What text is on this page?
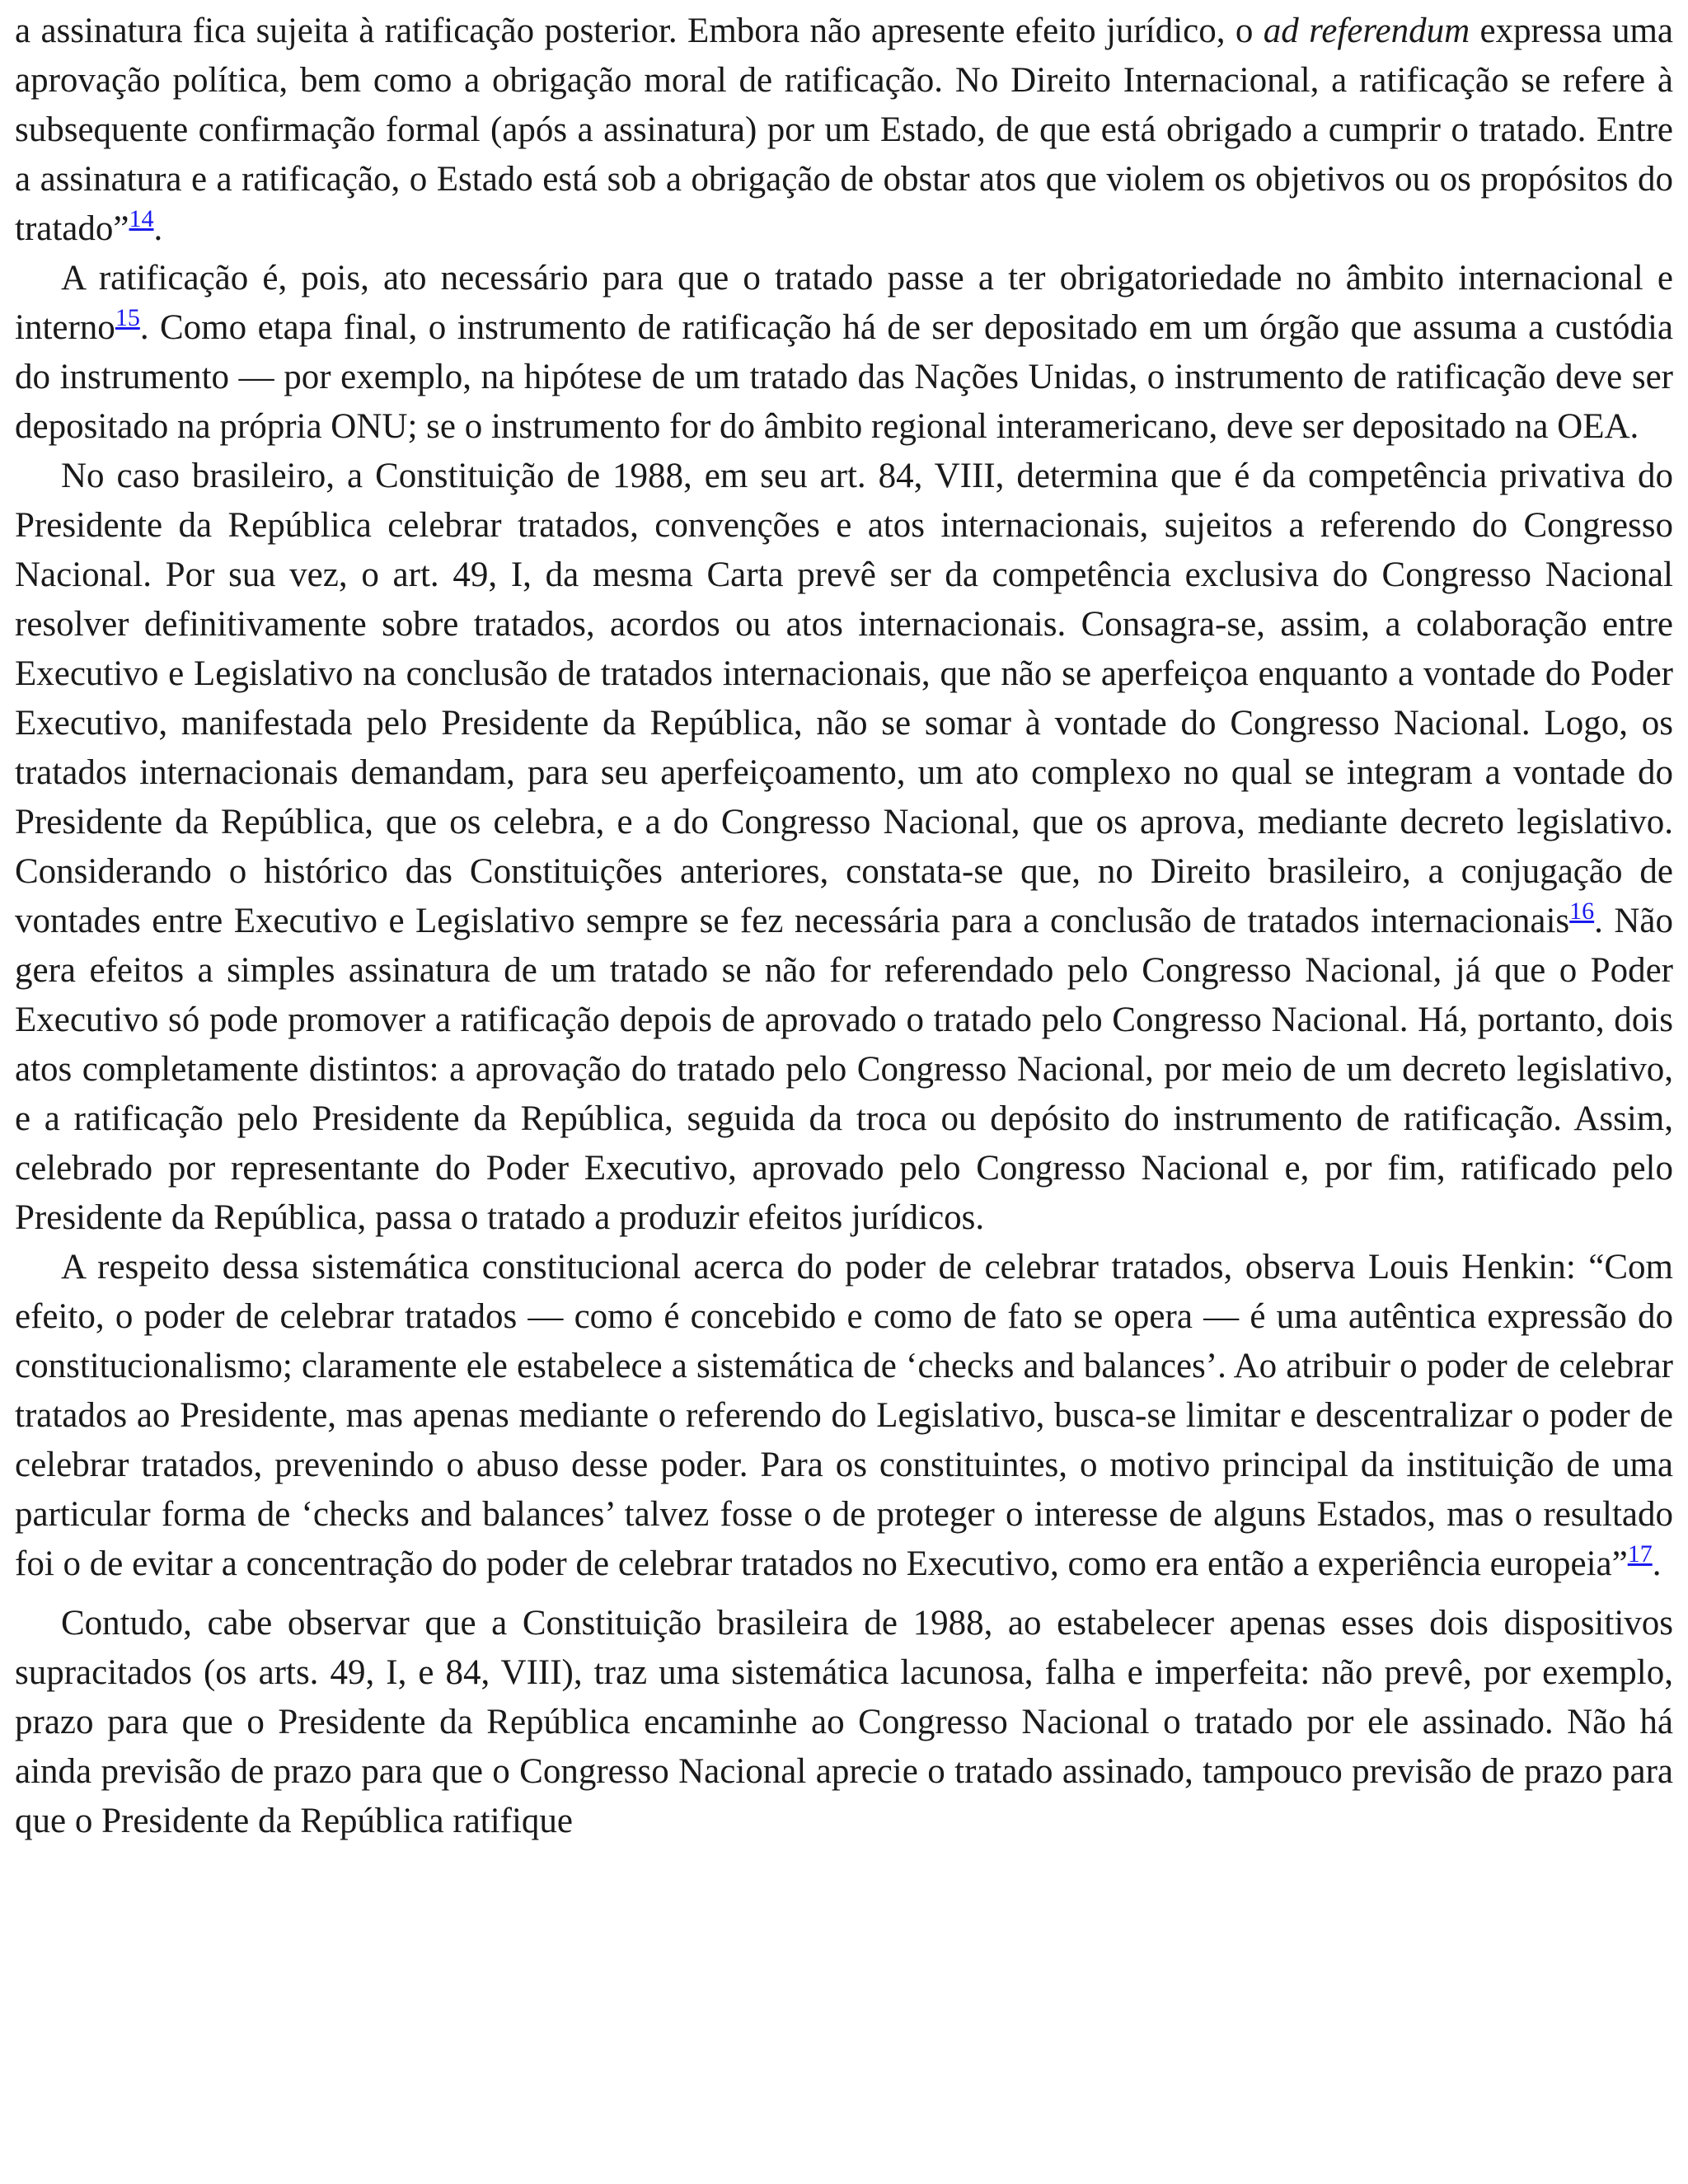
a assinatura fica sujeita à ratificação posterior. Embora não apresente efeito jurídico, o ad referendum expressa uma aprovação política, bem como a obrigação moral de ratificação. No Direito Internacional, a ratificação se refere à subsequente confirmação formal (após a assinatura) por um Estado, de que está obrigado a cumprir o tratado. Entre a assinatura e a ratificação, o Estado está sob a obrigação de obstar atos que violem os objetivos ou os propósitos do tratado”$^{14}$.

A ratificação é, pois, ato necessário para que o tratado passe a ter obrigatoriedade no âmbito internacional e interno$^{15}$. Como etapa final, o instrumento de ratificação há de ser depositado em um órgão que assuma a custódia do instrumento — por exemplo, na hipótese de um tratado das Nações Unidas, o instrumento de ratificação deve ser depositado na própria ONU; se o instrumento for do âmbito regional interamericano, deve ser depositado na OEA.

No caso brasileiro, a Constituição de 1988, em seu art. 84, VIII, determina que é da competência privativa do Presidente da República celebrar tratados, convenções e atos internacionais, sujeitos a referendo do Congresso Nacional. Por sua vez, o art. 49, I, da mesma Carta prevê ser da competência exclusiva do Congresso Nacional resolver definitivamente sobre tratados, acordos ou atos internacionais. Consagra-se, assim, a colaboração entre Executivo e Legislativo na conclusão de tratados internacionais, que não se aperfeiçoa enquanto a vontade do Poder Executivo, manifestada pelo Presidente da República, não se somar à vontade do Congresso Nacional. Logo, os tratados internacionais demandam, para seu aperfeiçoamento, um ato complexo no qual se integram a vontade do Presidente da República, que os celebra, e a do Congresso Nacional, que os aprova, mediante decreto legislativo. Considerando o histórico das Constituições anteriores, constata-se que, no Direito brasileiro, a conjugação de vontades entre Executivo e Legislativo sempre se fez necessária para a conclusão de tratados internacionais$^{16}$. Não gera efeitos a simples assinatura de um tratado se não for referendado pelo Congresso Nacional, já que o Poder Executivo só pode promover a ratificação depois de aprovado o tratado pelo Congresso Nacional. Há, portanto, dois atos completamente distintos: a aprovação do tratado pelo Congresso Nacional, por meio de um decreto legislativo, e a ratificação pelo Presidente da República, seguida da troca ou depósito do instrumento de ratificação. Assim, celebrado por representante do Poder Executivo, aprovado pelo Congresso Nacional e, por fim, ratificado pelo Presidente da República, passa o tratado a produzir efeitos jurídicos.

A respeito dessa sistemática constitucional acerca do poder de celebrar tratados, observa Louis Henkin: “Com efeito, o poder de celebrar tratados — como é concebido e como de fato se opera — é uma autêntica expressão do constitucionalismo; claramente ele estabelece a sistemática de ‘checks and balances’. Ao atribuir o poder de celebrar tratados ao Presidente, mas apenas mediante o referendo do Legislativo, busca-se limitar e descentralizar o poder de celebrar tratados, prevenindo o abuso desse poder. Para os constituintes, o motivo principal da instituição de uma particular forma de ‘checks and balances’ talvez fosse o de proteger o interesse de alguns Estados, mas o resultado foi o de evitar a concentração do poder de celebrar tratados no Executivo, como era então a experiência europeia”$^{17}$.

Contudo, cabe observar que a Constituição brasileira de 1988, ao estabelecer apenas esses dois dispositivos supracitados (os arts. 49, I, e 84, VIII), traz uma sistemática lacunosa, falha e imperfeita: não prevê, por exemplo, prazo para que o Presidente da República encaminhe ao Congresso Nacional o tratado por ele assinado. Não há ainda previsão de prazo para que o Congresso Nacional aprecie o tratado assinado, tampouco previsão de prazo para que o Presidente da República ratifique
